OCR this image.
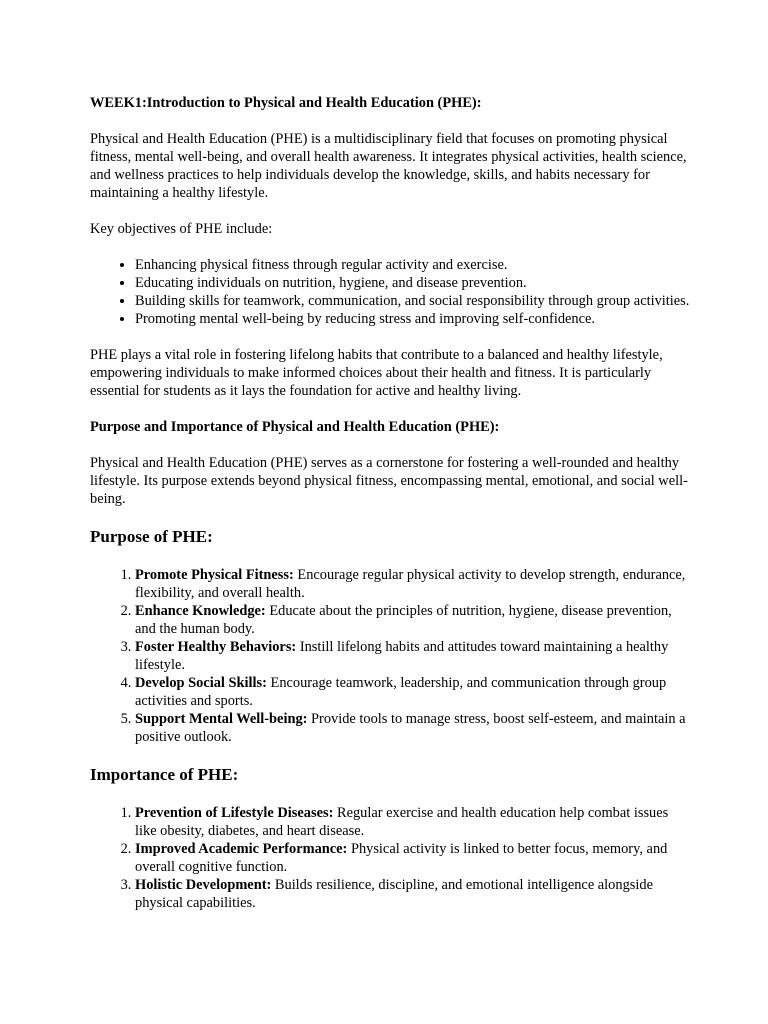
WEEK1:Introduction to Physical and Health Education (PHE):

Physical and Health Education (PHE) is a multidisciplinary field that focuses on promoting physical fitness, mental well-being, and overall health awareness. It integrates physical activities, health science, and wellness practices to help individuals develop the knowledge, skills, and habits necessary for maintaining a healthy lifestyle.

Key objectives of PHE include:

• Enhancing physical fitness through regular activity and exercise.
• Educating individuals on nutrition, hygiene, and disease prevention.
• Building skills for teamwork, communication, and social responsibility through group activities.
• Promoting mental well-being by reducing stress and improving self-confidence.

PHE plays a vital role in fostering lifelong habits that contribute to a balanced and healthy lifestyle, empowering individuals to make informed choices about their health and fitness. It is particularly essential for students as it lays the foundation for active and healthy living.

Purpose and Importance of Physical and Health Education (PHE):

Physical and Health Education (PHE) serves as a cornerstone for fostering a well-rounded and healthy lifestyle. Its purpose extends beyond physical fitness, encompassing mental, emotional, and social well-being.

Purpose of PHE:
1. Promote Physical Fitness: Encourage regular physical activity to develop strength, endurance, flexibility, and overall health.
2. Enhance Knowledge: Educate about the principles of nutrition, hygiene, disease prevention, and the human body.
3. Foster Healthy Behaviors: Instill lifelong habits and attitudes toward maintaining a healthy lifestyle.
4. Develop Social Skills: Encourage teamwork, leadership, and communication through group activities and sports.
5. Support Mental Well-being: Provide tools to manage stress, boost self-esteem, and maintain a positive outlook.
Importance of PHE:
1. Prevention of Lifestyle Diseases: Regular exercise and health education help combat issues like obesity, diabetes, and heart disease.
2. Improved Academic Performance: Physical activity is linked to better focus, memory, and overall cognitive function.
3. Holistic Development: Builds resilience, discipline, and emotional intelligence alongside physical capabilities.
